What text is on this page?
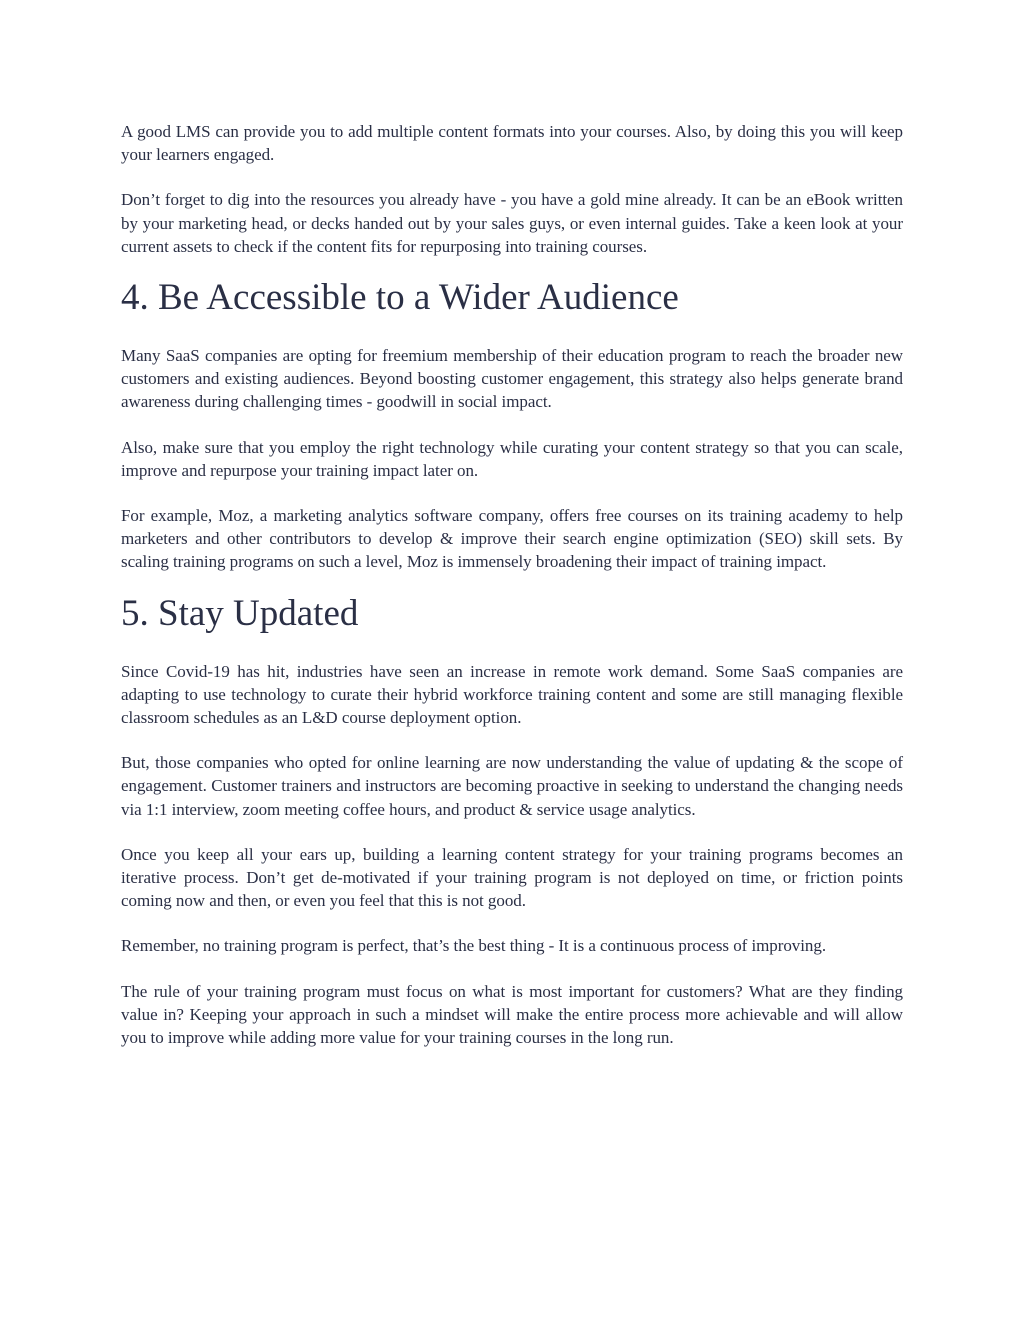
A good LMS can provide you to add multiple content formats into your courses. Also, by doing this you will keep your learners engaged.

Don’t forget to dig into the resources you already have - you have a gold mine already. It can be an eBook written by your marketing head, or decks handed out by your sales guys, or even internal guides. Take a keen look at your current assets to check if the content fits for repurposing into training courses.

4. Be Accessible to a Wider Audience

Many SaaS companies are opting for freemium membership of their education program to reach the broader new customers and existing audiences. Beyond boosting customer engagement, this strategy also helps generate brand awareness during challenging times - goodwill in social impact.

Also, make sure that you employ the right technology while curating your content strategy so that you can scale, improve and repurpose your training impact later on.

For example, Moz, a marketing analytics software company, offers free courses on its training academy to help marketers and other contributors to develop & improve their search engine optimization (SEO) skill sets. By scaling training programs on such a level, Moz is immensely broadening their impact of training impact.

5. Stay Updated

Since Covid-19 has hit, industries have seen an increase in remote work demand. Some SaaS companies are adapting to use technology to curate their hybrid workforce training content and some are still managing flexible classroom schedules as an L&D course deployment option.

But, those companies who opted for online learning are now understanding the value of updating & the scope of engagement. Customer trainers and instructors are becoming proactive in seeking to understand the changing needs via 1:1 interview, zoom meeting coffee hours, and product & service usage analytics.

Once you keep all your ears up, building a learning content strategy for your training programs becomes an iterative process. Don’t get de-motivated if your training program is not deployed on time, or friction points coming now and then, or even you feel that this is not good.

Remember, no training program is perfect, that’s the best thing - It is a continuous process of improving.

The rule of your training program must focus on what is most important for customers? What are they finding value in? Keeping your approach in such a mindset will make the entire process more achievable and will allow you to improve while adding more value for your training courses in the long run.
